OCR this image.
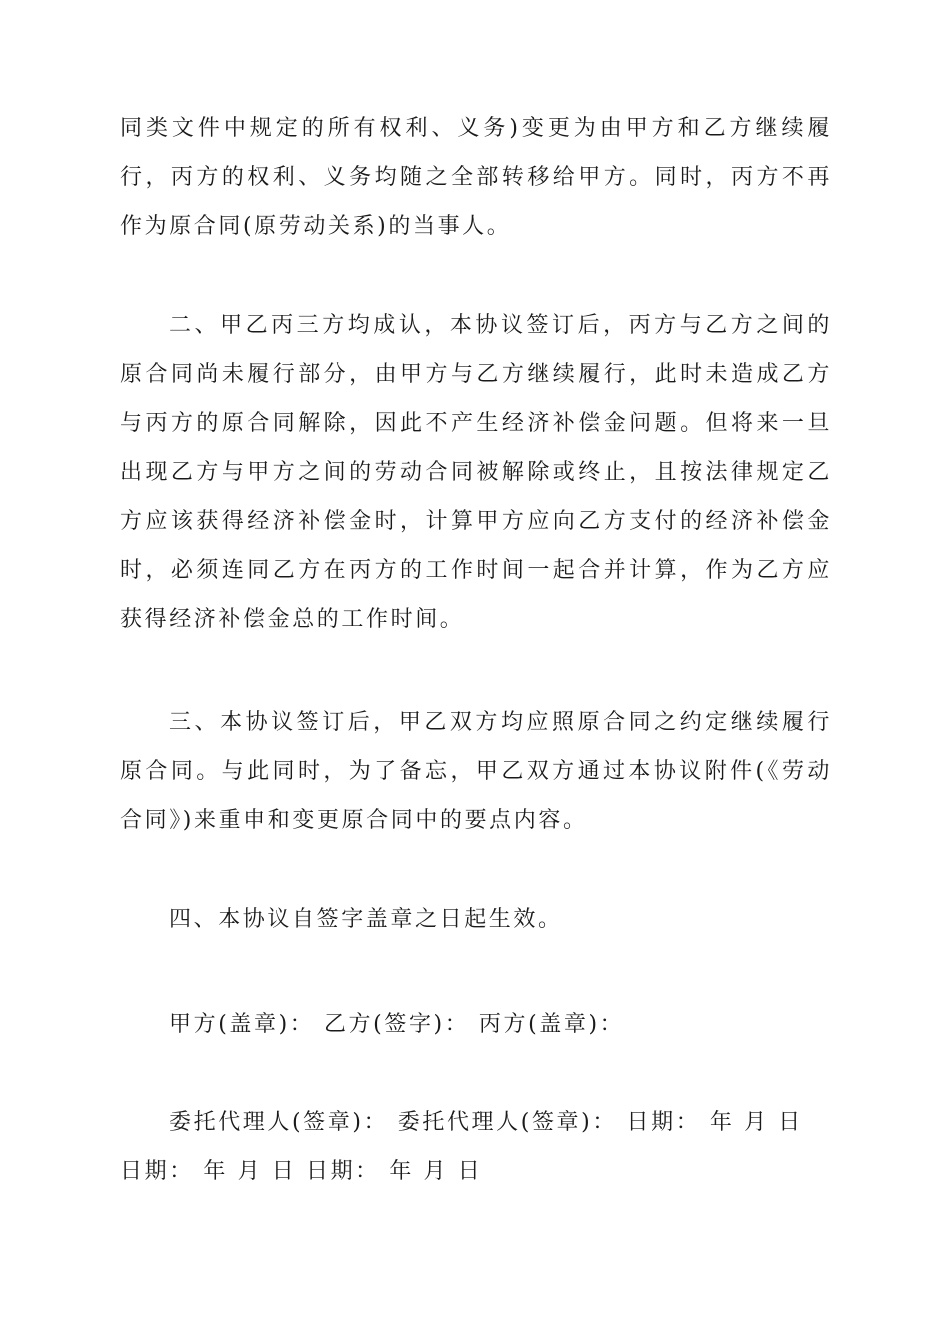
同类文件中规定的所有权利、义务)变更为由甲方和乙方继续履行，丙方的权利、义务均随之全部转移给甲方。同时，丙方不再作为原合同(原劳动关系)的当事人。

二、甲乙丙三方均成认，本协议签订后，丙方与乙方之间的原合同尚未履行部分，由甲方与乙方继续履行，此时未造成乙方与丙方的原合同解除，因此不产生经济补偿金问题。但将来一旦出现乙方与甲方之间的劳动合同被解除或终止，且按法律规定乙方应该获得经济补偿金时，计算甲方应向乙方支付的经济补偿金时，必须连同乙方在丙方的工作时间一起合并计算，作为乙方应获得经济补偿金总的工作时间。

三、本协议签订后，甲乙双方均应照原合同之约定继续履行原合同。与此同时，为了备忘，甲乙双方通过本协议附件(《劳动合同》)来重申和变更原合同中的要点内容。

四、本协议自签字盖章之日起生效。

甲方(盖章)： 乙方(签字)： 丙方(盖章)：

委托代理人(签章)： 委托代理人(签章)： 日期： 年 月 日

日期： 年 月 日 日期： 年 月 日
